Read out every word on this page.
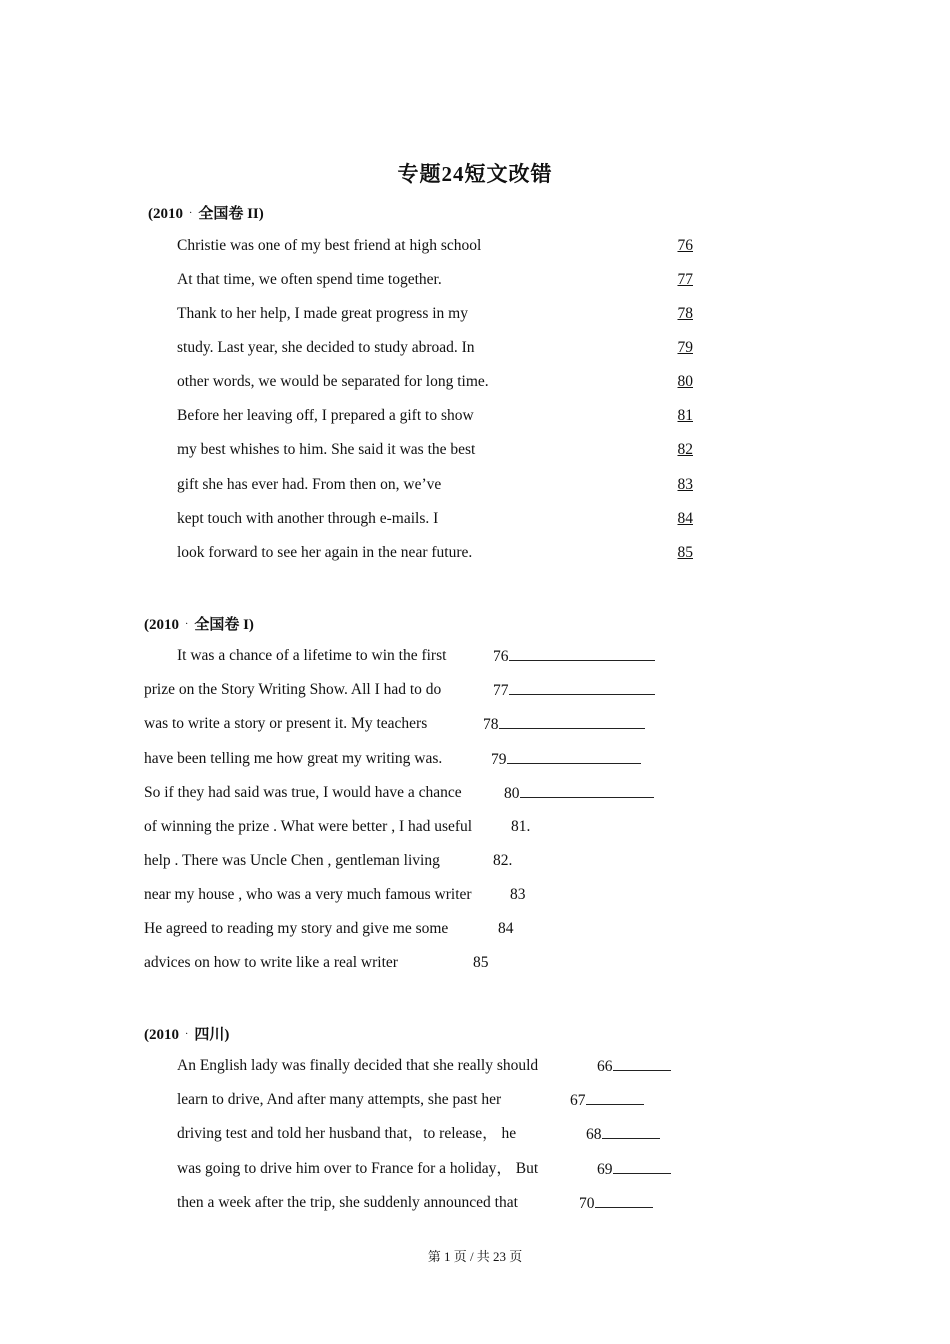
专题24短文改错
(2010 · 全国卷 II)
Christie was one of my best friend at high school	76
At that time, we often spend time together.	77
Thank to her help, I made great progress in my	78
study. Last year, she decided to study abroad. In	79
other words, we would be separated for long time.	80
Before her leaving off, I prepared a gift to show	81
my best whishes to him. She said it was the best	82
gift she has ever had. From then on, we’ve	83
kept touch with another through e-mails. I	84
look forward to see her again in the near future.	85
(2010 · 全国卷 I)
It was a chance of a lifetime to win the first	76
prize on the Story Writing Show. All I had to do	77
was to write a story or present it. My teachers	78
have been telling me how great my writing was.	79
So if they had said was true, I would have a chance	80
of winning the prize . What were better , I had useful	81.
help . There was Uncle Chen , gentleman living	82.
near my house , who was a very much famous writer 83
He agreed to reading my story and give me some	84
advices on how to write like a real writer	85
(2010 · 四川)
An English lady was finally decided that she really should	66
learn to drive, And after many attempts, she past her	67
driving test and told her husband that，to release， he	68
was going to drive him over to France for a holiday， But	69
then a week after the trip, she suddenly announced that	70
第 1 页 / 共 23 页
